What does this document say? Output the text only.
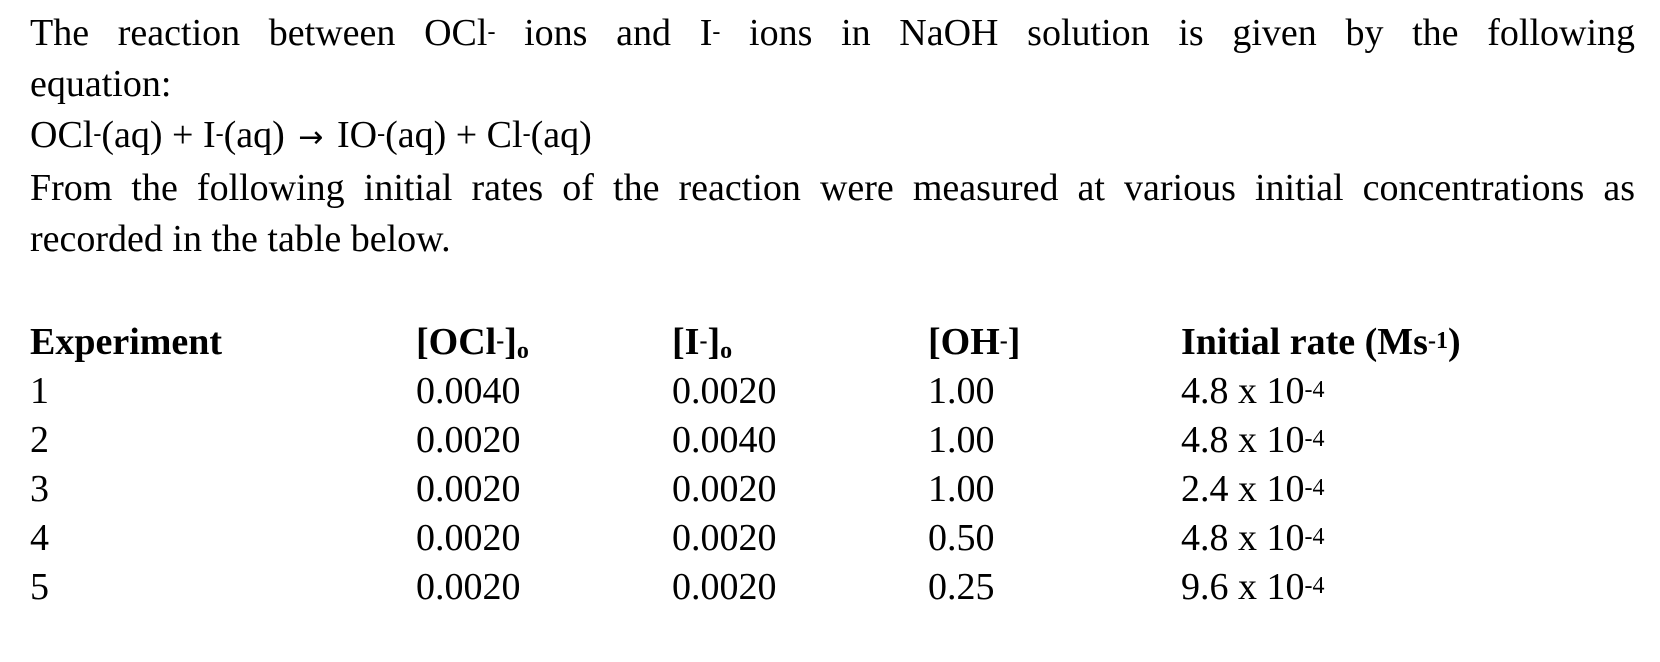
The reaction between OCl- ions and I- ions in NaOH solution is given by the following

equation:

OCl-(aq) + I-(aq) → IO-(aq) + Cl-(aq)

From the following initial rates of the reaction were measured at various initial concentrations as recorded in the table below.

Experiment	$[OCl^-]_o$	$[I^-]_o$	[OH-]	Initial rate $(Ms^{-1})$
1	0.0040	0.0020	1.00	4.8 x $10^{-4}$
2	0.0020	0.0040	1.00	4.8 x $10^{-4}$
3	0.0020	0.0020	1.00	2.4 x $10^{-4}$
4	0.0020	0.0020	0.50	4.8 x $10^{-4}$
5	0.0020	0.0020	0.25	9.6 x $10^{-4}$
